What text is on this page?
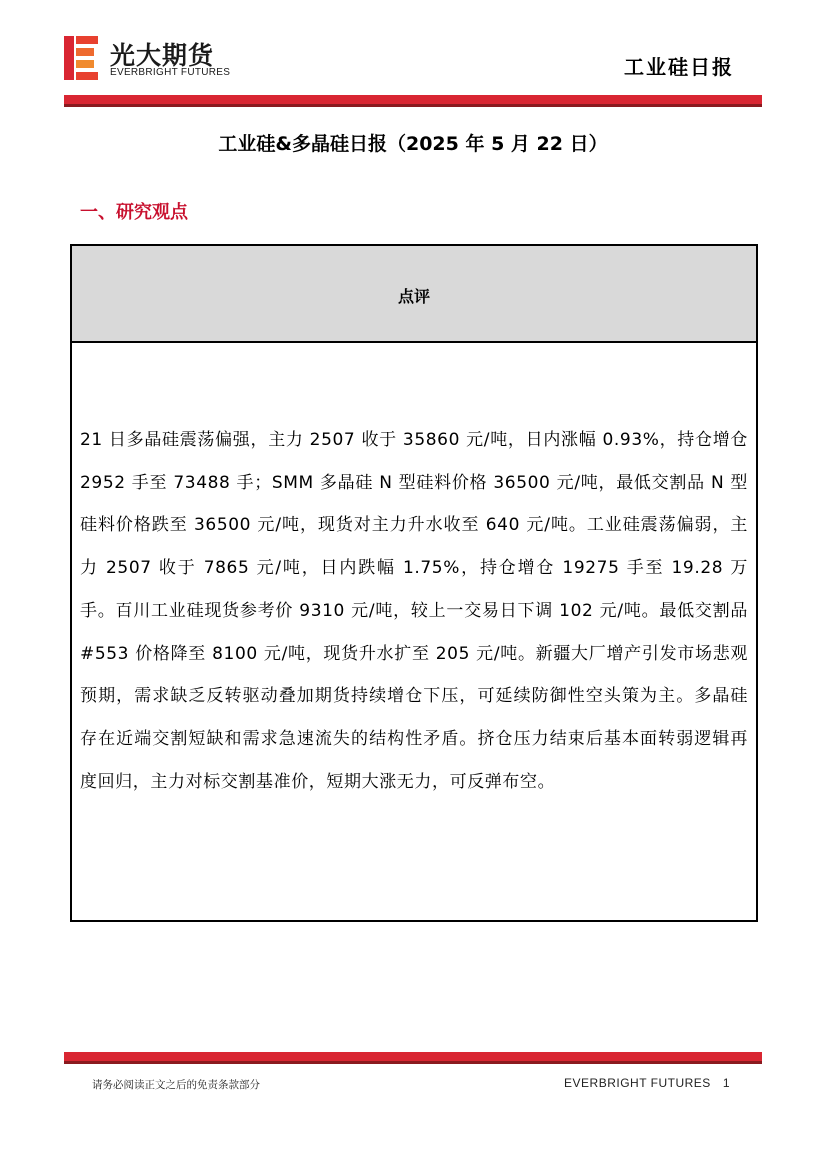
光大期货
EVERBRIGHT FUTURES	工业硅日报
工业硅&多晶硅日报（2025 年 5 月 22 日）
一、研究观点
点评
21 日多晶硅震荡偏强，主力 2507 收于 35860 元/吨，日内涨幅 0.93%，持仓增仓 2952 手至 73488 手；SMM 多晶硅 N 型硅料价格 36500 元/吨，最低交割品 N 型硅料价格跌至 36500 元/吨，现货对主力升水收至 640 元/吨。工业硅震荡偏弱，主力 2507 收于 7865 元/吨，日内跌幅 1.75%，持仓增仓 19275 手至 19.28 万手。百川工业硅现货参考价 9310 元/吨，较上一交易日下调 102 元/吨。最低交割品#553 价格降至 8100 元/吨，现货升水扩至 205 元/吨。新疆大厂增产引发市场悲观预期，需求缺乏反转驱动叠加期货持续增仓下压，可延续防御性空头策为主。多晶硅存在近端交割短缺和需求急速流失的结构性矛盾。挤仓压力结束后基本面转弱逻辑再度回归，主力对标交割基准价，短期大涨无力，可反弹布空。
请务必阅读正文之后的免责条款部分	EVERBRIGHT FUTURES 1
